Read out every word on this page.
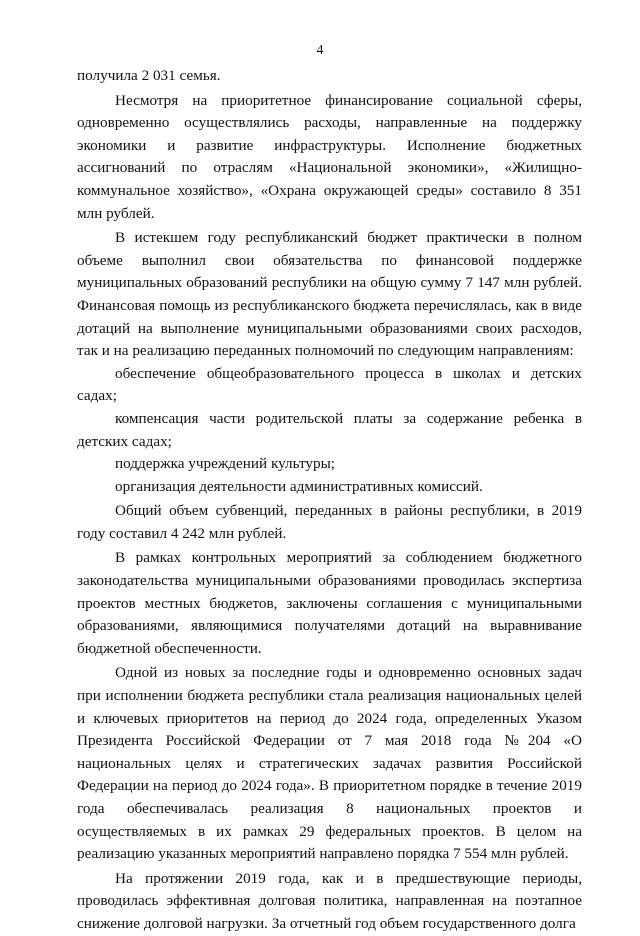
4

получила 2 031 семья.

Несмотря на приоритетное финансирование социальной сферы, одновременно осуществлялись расходы, направленные на поддержку экономики и развитие инфраструктуры. Исполнение бюджетных ассигнований по отраслям «Национальной экономики», «Жилищно-коммунальное хозяйство», «Охрана окружающей среды» составило 8 351 млн рублей.

В истекшем году республиканский бюджет практически в полном объеме выполнил свои обязательства по финансовой поддержке муниципальных образований республики на общую сумму 7 147 млн рублей. Финансовая помощь из республиканского бюджета перечислялась, как в виде дотаций на выполнение муниципальными образованиями своих расходов, так и на реализацию переданных полномочий по следующим направлениям:

обеспечение общеобразовательного процесса в школах и детских садах;

компенсация части родительской платы за содержание ребенка в детских садах;

поддержка учреждений культуры;

организация деятельности административных комиссий.

Общий объем субвенций, переданных в районы республики, в 2019 году составил 4 242 млн рублей.

В рамках контрольных мероприятий за соблюдением бюджетного законодательства муниципальными образованиями проводилась экспертиза проектов местных бюджетов, заключены соглашения с муниципальными образованиями, являющимися получателями дотаций на выравнивание бюджетной обеспеченности.

Одной из новых за последние годы и одновременно основных задач при исполнении бюджета республики стала реализация национальных целей и ключевых приоритетов на период до 2024 года, определенных Указом Президента Российской Федерации от 7 мая 2018 года №204 «О национальных целях и стратегических задачах развития Российской Федерации на период до 2024 года». В приоритетном порядке в течение 2019 года обеспечивалась реализация 8 национальных проектов и осуществляемых в их рамках 29 федеральных проектов. В целом на реализацию указанных мероприятий направлено порядка 7 554 млн рублей.

На протяжении 2019 года, как и в предшествующие периоды, проводилась эффективная долговая политика, направленная на поэтапное снижение долговой нагрузки. За отчетный год объем государственного долга
